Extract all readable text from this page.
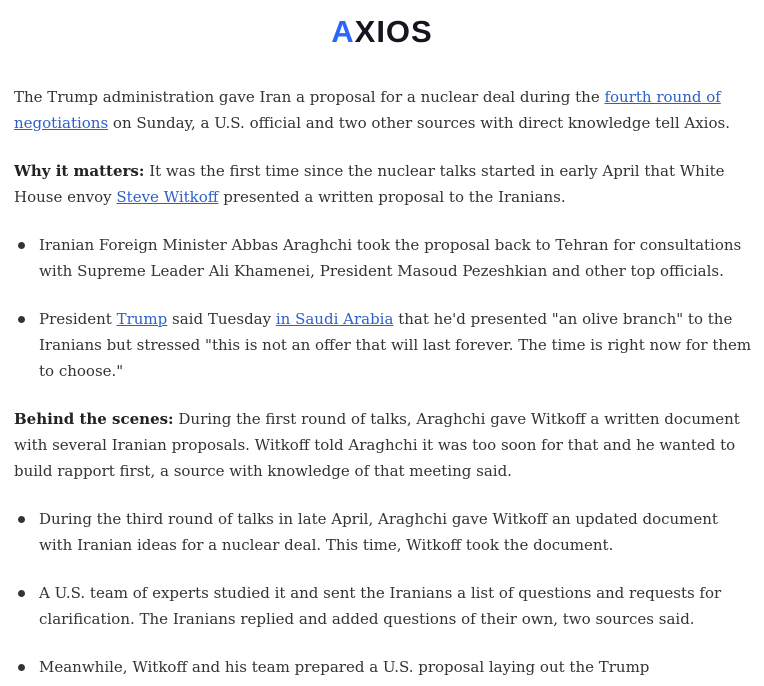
AXIOS

The Trump administration gave Iran a proposal for a nuclear deal during the fourth round of
negotiations on Sunday, a U.S. official and two other sources with direct knowledge tell Axios.

Why it matters: It was the first time since the nuclear talks started in early April that White
House envoy Steve Witkoff presented a written proposal to the Iranians.

Iranian Foreign Minister Abbas Araghchi took the proposal back to Tehran for consultations
with Supreme Leader Ali Khamenei, President Masoud Pezeshkian and other top officials.
President Trump said Tuesday in Saudi Arabia that he'd presented "an olive branch" to the
Iranians but stressed "this is not an offer that will last forever. The time is right now for them
to choose."

Behind the scenes: During the first round of talks, Araghchi gave Witkoff a written document
with several Iranian proposals. Witkoff told Araghchi it was too soon for that and he wanted to
build rapport first, a source with knowledge of that meeting said.

During the third round of talks in late April, Araghchi gave Witkoff an updated document
with Iranian ideas for a nuclear deal. This time, Witkoff took the document.
A U.S. team of experts studied it and sent the Iranians a list of questions and requests for
clarification. The Iranians replied and added questions of their own, two sources said.
Meanwhile, Witkoff and his team prepared a U.S. proposal laying out the Trump
